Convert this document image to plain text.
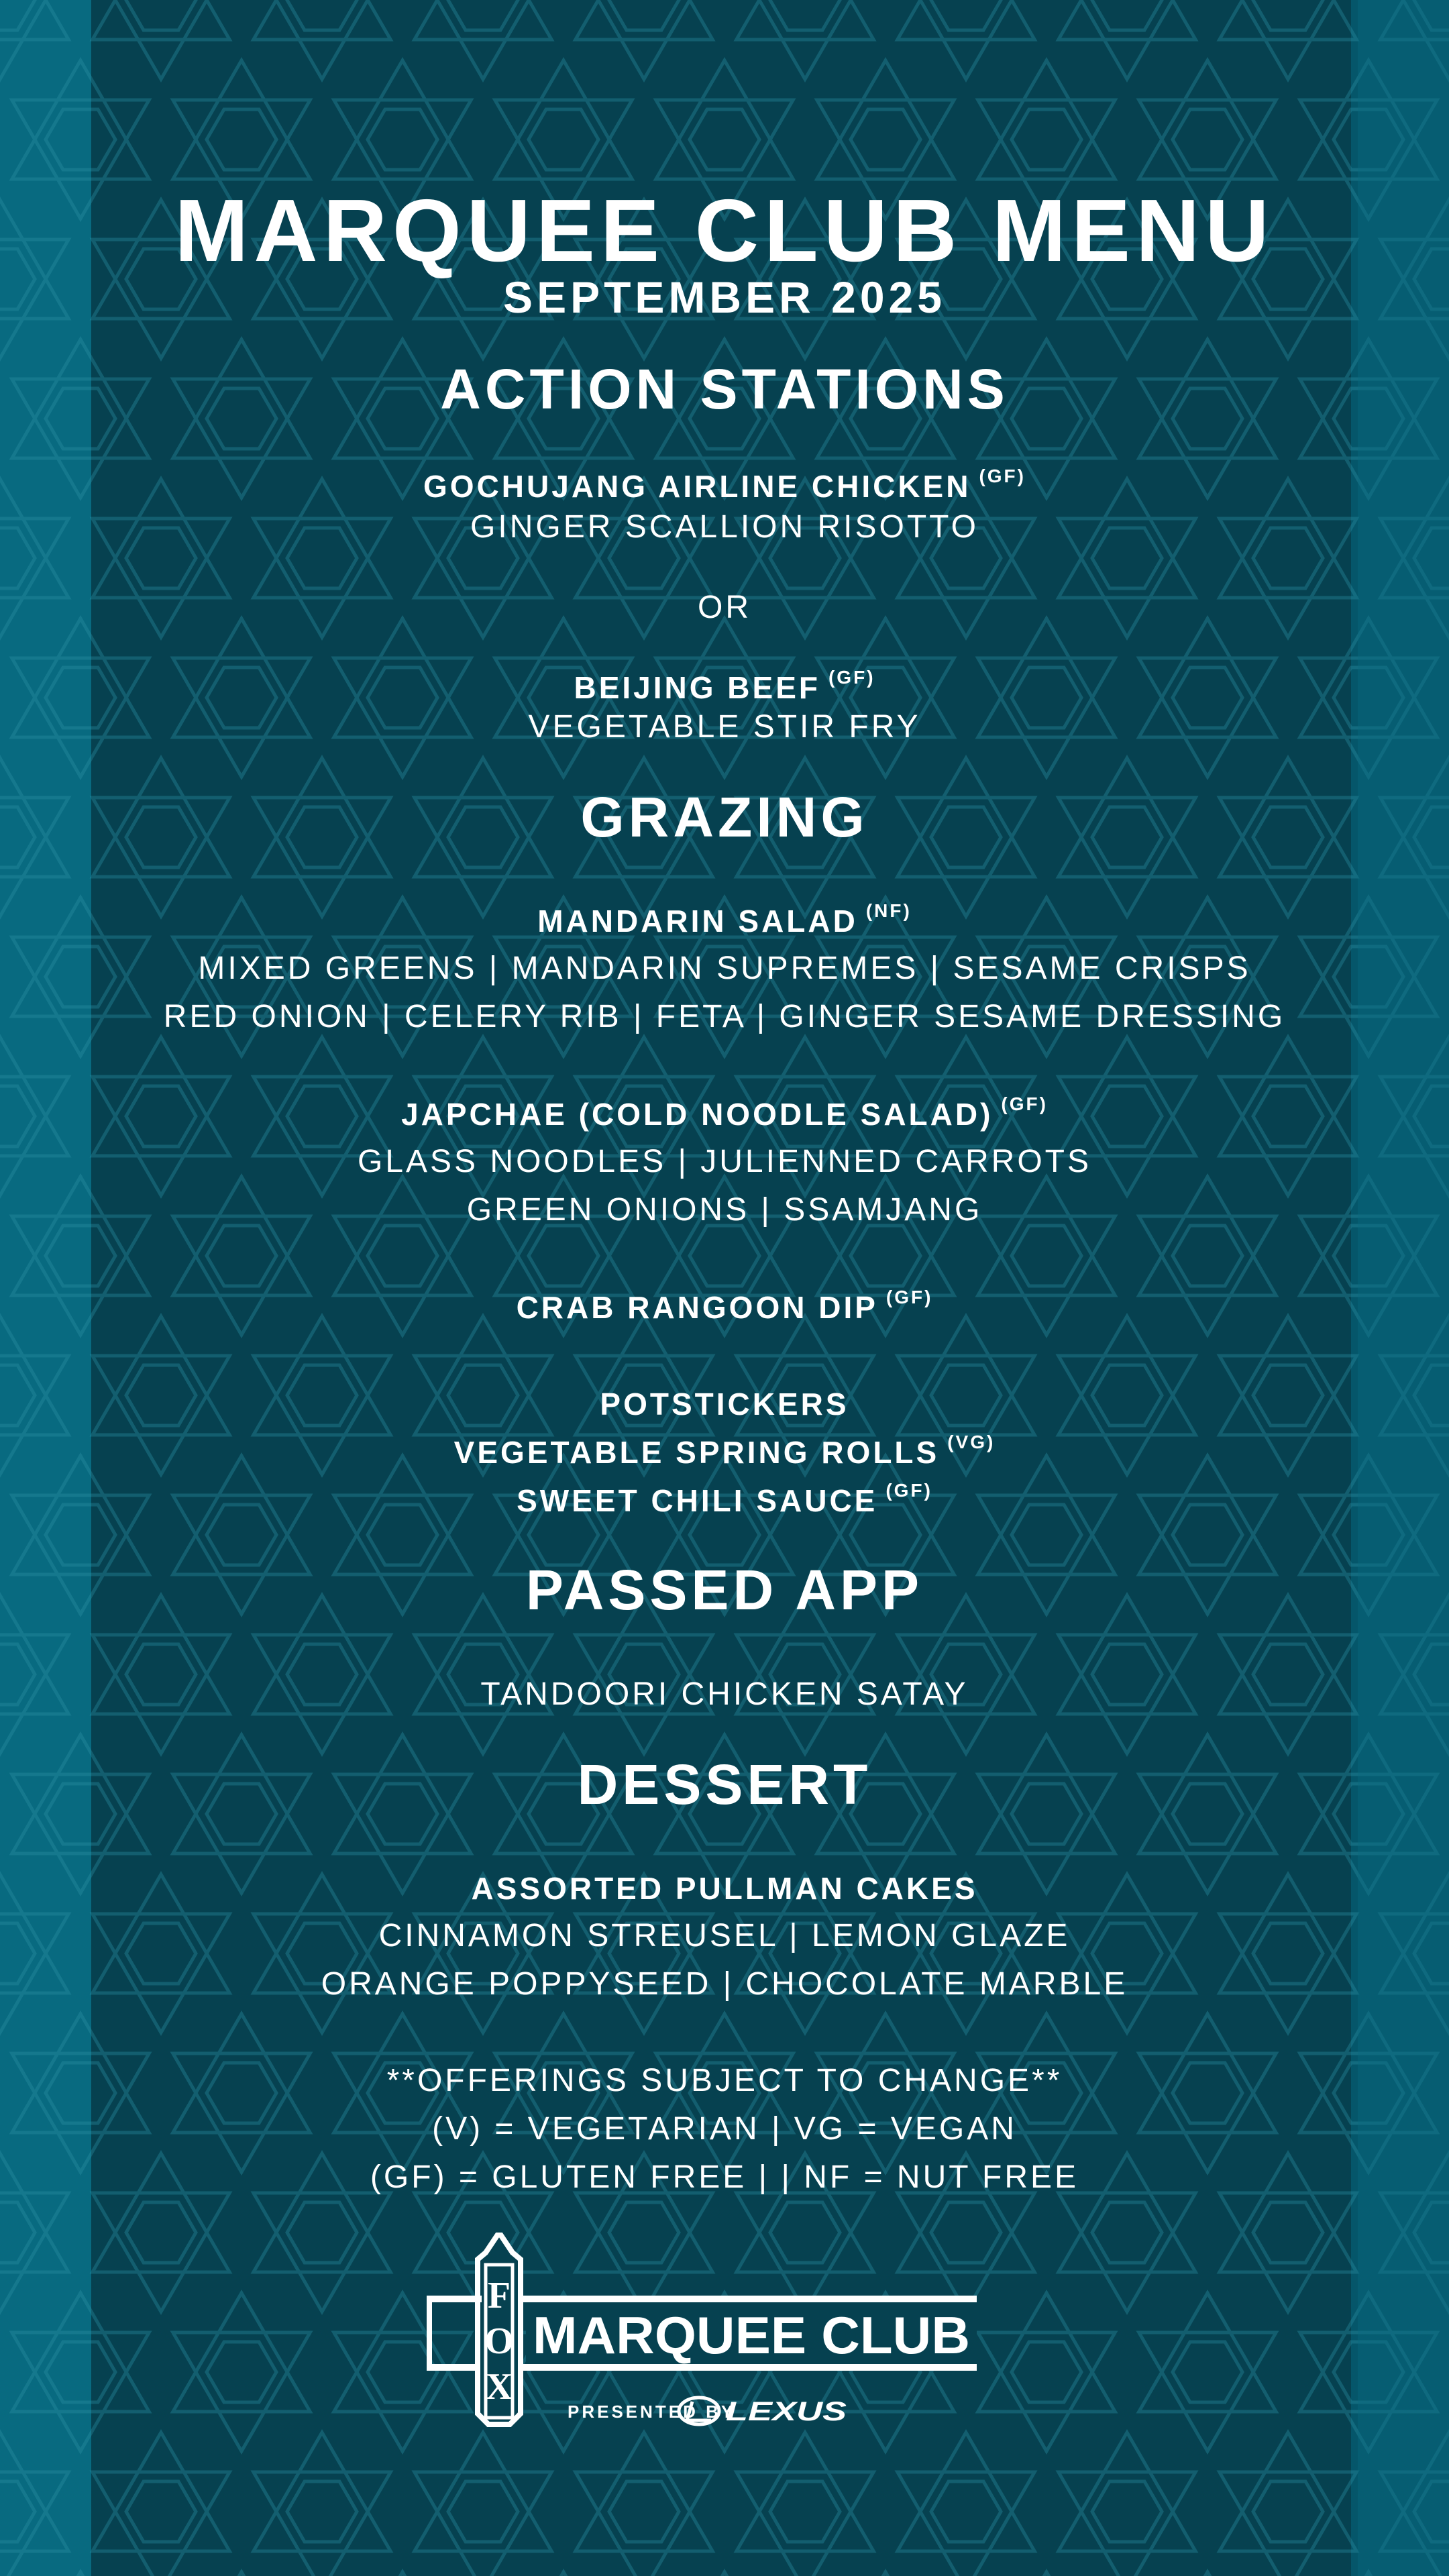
MARQUEE CLUB MENU
SEPTEMBER 2025
ACTION STATIONS
GOCHUJANG AIRLINE CHICKEN $^{(GF)}$
GINGER SCALLION RISOTTO
OR
BEIJING BEEF $^{(GF)}$
VEGETABLE STIR FRY
GRAZING
MANDARIN SALAD $^{(NF)}$
MIXED GREENS | MANDARIN SUPREMES | SESAME CRISPS
RED ONION | CELERY RIB | FETA | GINGER SESAME DRESSING
JAPCHAE (COLD NOODLE SALAD) $^{(GF)}$
GLASS NOODLES | JULIENNED CARROTS
GREEN ONIONS | SSAMJANG
CRAB RANGOON DIP $^{(GF)}$
POTSTICKERS
VEGETABLE SPRING ROLLS $^{(VG)}$
SWEET CHILI SAUCE $^{(GF)}$
PASSED APP
TANDOORI CHICKEN SATAY
DESSERT
ASSORTED PULLMAN CAKES
CINNAMON STREUSEL | LEMON GLAZE
ORANGE POPPYSEED | CHOCOLATE MARBLE
**OFFERINGS SUBJECT TO CHANGE**
(V) = VEGETARIAN | VG = VEGAN
(GF) = GLUTEN FREE | | NF = NUT FREE
F
O
X
MARQUEE CLUB
PRESENTED BY
LEXUS
